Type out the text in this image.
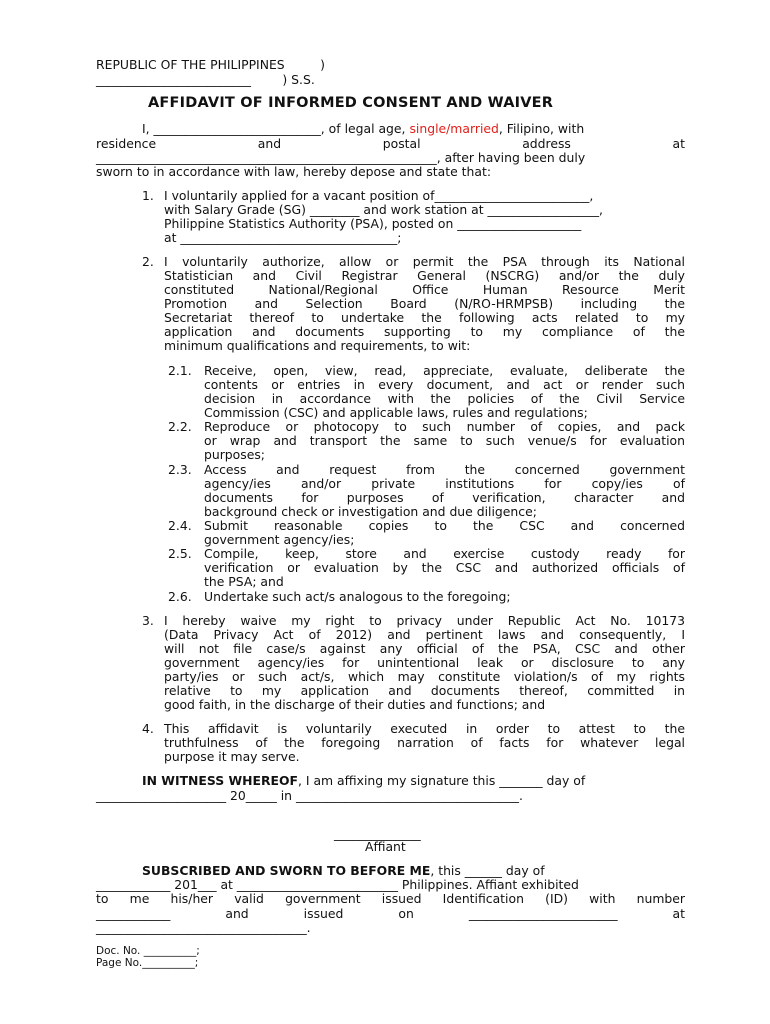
REPUBLIC OF THE PHILIPPINES         )
_________________________        ) S.S.
AFFIDAVIT OF INFORMED CONSENT AND WAIVER
I, ___________________________, of legal age, single/married, Filipino, with
residence and postal address at
_______________________________________________________, after having been duly
sworn to in accordance with law, hereby depose and state that:
1. I voluntarily applied for a vacant position of_________________________,
with Salary Grade (SG) ________ and work station at __________________,
Philippine Statistics Authority (PSA), posted on ____________________
at ___________________________________;
2. I voluntarily authorize, allow or permit the PSA through its National
Statistician and Civil Registrar General (NSCRG) and/or the duly
constituted National/Regional Office Human Resource Merit
Promotion and Selection Board (N/RO-HRMPSB) including the
Secretariat thereof to undertake the following acts related to my
application and documents supporting to my compliance of the
minimum qualifications and requirements, to wit:
2.1. Receive, open, view, read, appreciate, evaluate, deliberate the
contents or entries in every document, and act or render such
decision in accordance with the policies of the Civil Service
Commission (CSC) and applicable laws, rules and regulations;
2.2. Reproduce or photocopy to such number of copies, and pack
or wrap and transport the same to such venue/s for evaluation
purposes;
2.3. Access and request from the concerned government
agency/ies and/or private institutions for copy/ies of
documents for purposes of verification, character and
background check or investigation and due diligence;
2.4. Submit reasonable copies to the CSC and concerned
government agency/ies;
2.5. Compile, keep, store and exercise custody ready for
verification or evaluation by the CSC and authorized officials of
the PSA; and
2.6. Undertake such act/s analogous to the foregoing;
3. I hereby waive my right to privacy under Republic Act No. 10173
(Data Privacy Act of 2012) and pertinent laws and consequently, I
will not file case/s against any official of the PSA, CSC and other
government agency/ies for unintentional leak or disclosure to any
party/ies or such act/s, which may constitute violation/s of my rights
relative to my application and documents thereof, committed in
good faith, in the discharge of their duties and functions; and
4. This affidavit is voluntarily executed in order to attest to the
truthfulness of the foregoing narration of facts for whatever legal
purpose it may serve.
IN WITNESS WHEREOF, I am affixing my signature this _______ day of
_____________________ 20_____ in ____________________________________.
______________
Affiant
SUBSCRIBED AND SWORN TO BEFORE ME, this ______ day of
____________ 201___ at __________________________ Philippines. Affiant exhibited
to me his/her valid government issued Identification (ID) with number
____________ and issued on ________________________ at
__________________________________.
Doc. No. __________;
Page No.__________;
